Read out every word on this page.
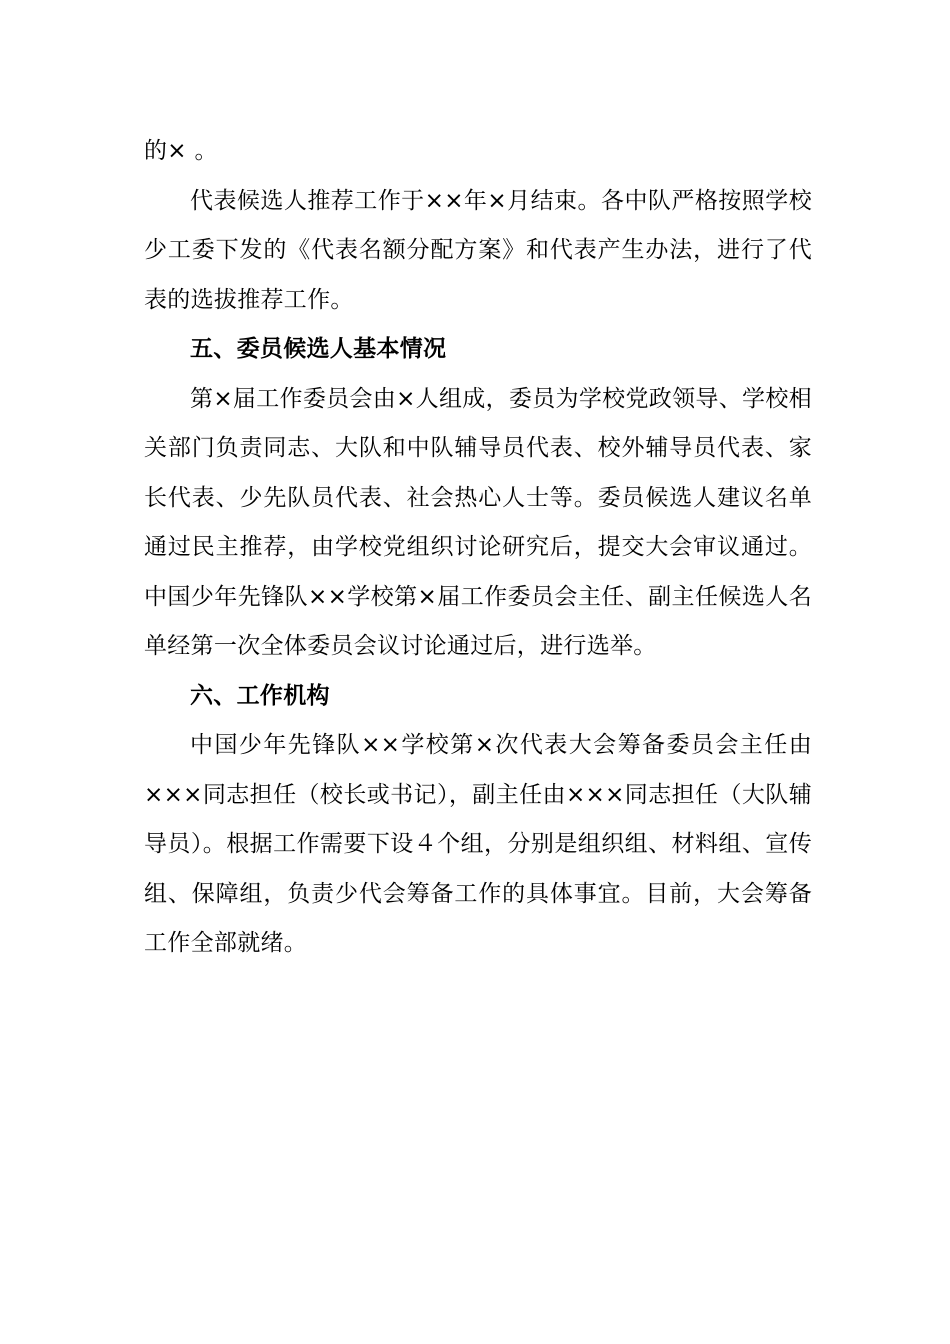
的× 。

代表候选人推荐工作于××年×月结束。各中队严格按照学校少工委下发的《代表名额分配方案》和代表产生办法，进行了代表的选拔推荐工作。

五、委员候选人基本情况

第×届工作委员会由×人组成，委员为学校党政领导、学校相关部门负责同志、大队和中队辅导员代表、校外辅导员代表、家长代表、少先队员代表、社会热心人士等。委员候选人建议名单通过民主推荐，由学校党组织讨论研究后，提交大会审议通过。中国少年先锋队××学校第×届工作委员会主任、副主任候选人名单经第一次全体委员会议讨论通过后，进行选举。

六、工作机构

中国少年先锋队××学校第×次代表大会筹备委员会主任由×××同志担任（校长或书记），副主任由×××同志担任（大队辅导员）。根据工作需要下设４个组，分别是组织组、材料组、宣传组、保障组，负责少代会筹备工作的具体事宜。目前，大会筹备工作全部就绪。
